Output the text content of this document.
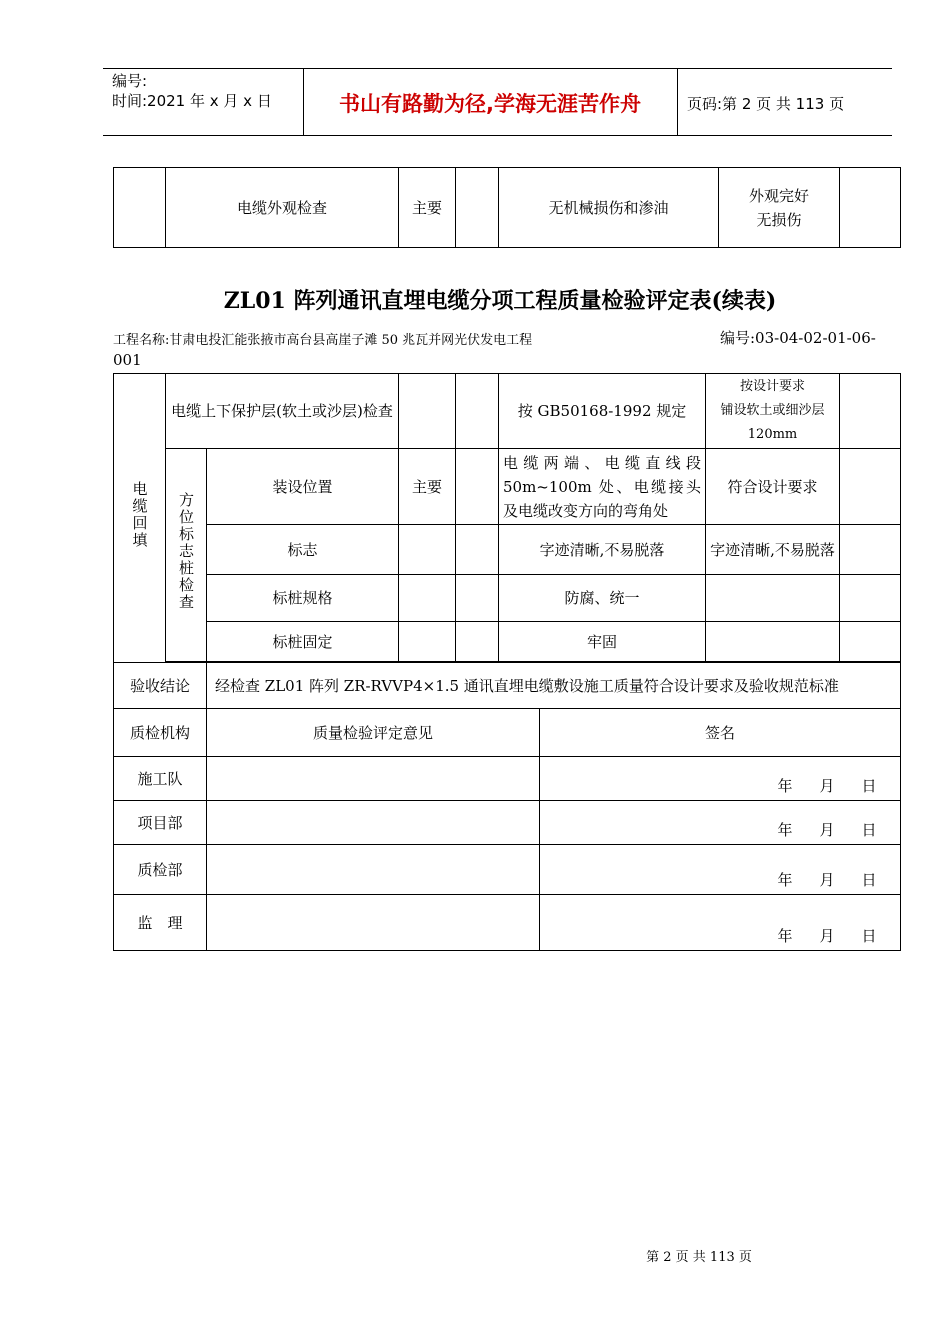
编号:
时间:2021 年 x 月 x 日	书山有路勤为径,学海无涯苦作舟	页码:第 2 页 共 113 页
	电缆外观检查	主要		无机械损伤和渗油	
外观完好
无损伤

ZL01 阵列通讯直埋电缆分项工程质量检验评定表(续表)
工程名称:甘肃电投汇能张掖市高台县高崖子滩 50 兆瓦并网光伏发电工程	编号:03-04-02-01-06-
001
电缆回填	电缆上下保护层(软土或沙层)检查				按 GB50168-1992 规定		按设计要求
铺设软土或细沙层
120mm	

	方位标志桩检查	装设位置	主要		电缆两端、电缆直线段50m~100m 处、电缆接头及电缆改变方向的弯角处		符合设计要求	
		标志			字迹清晰,不易脱落		字迹清晰,不易脱落	
		标桩规格			防腐、统一			
		标桩固定			牢固			

验收结论		经检查 ZL01 阵列 ZR-RVVP4×1.5 通讯直埋电缆敷设施工质量符合设计要求及验收规范标准						
质检机构		质量检验评定意见				签名		
施工队						年 月 日		
项目部						年 月 日		
质检部						年 月 日		
监　理						年 月 日		
第 2 页 共 113 页
